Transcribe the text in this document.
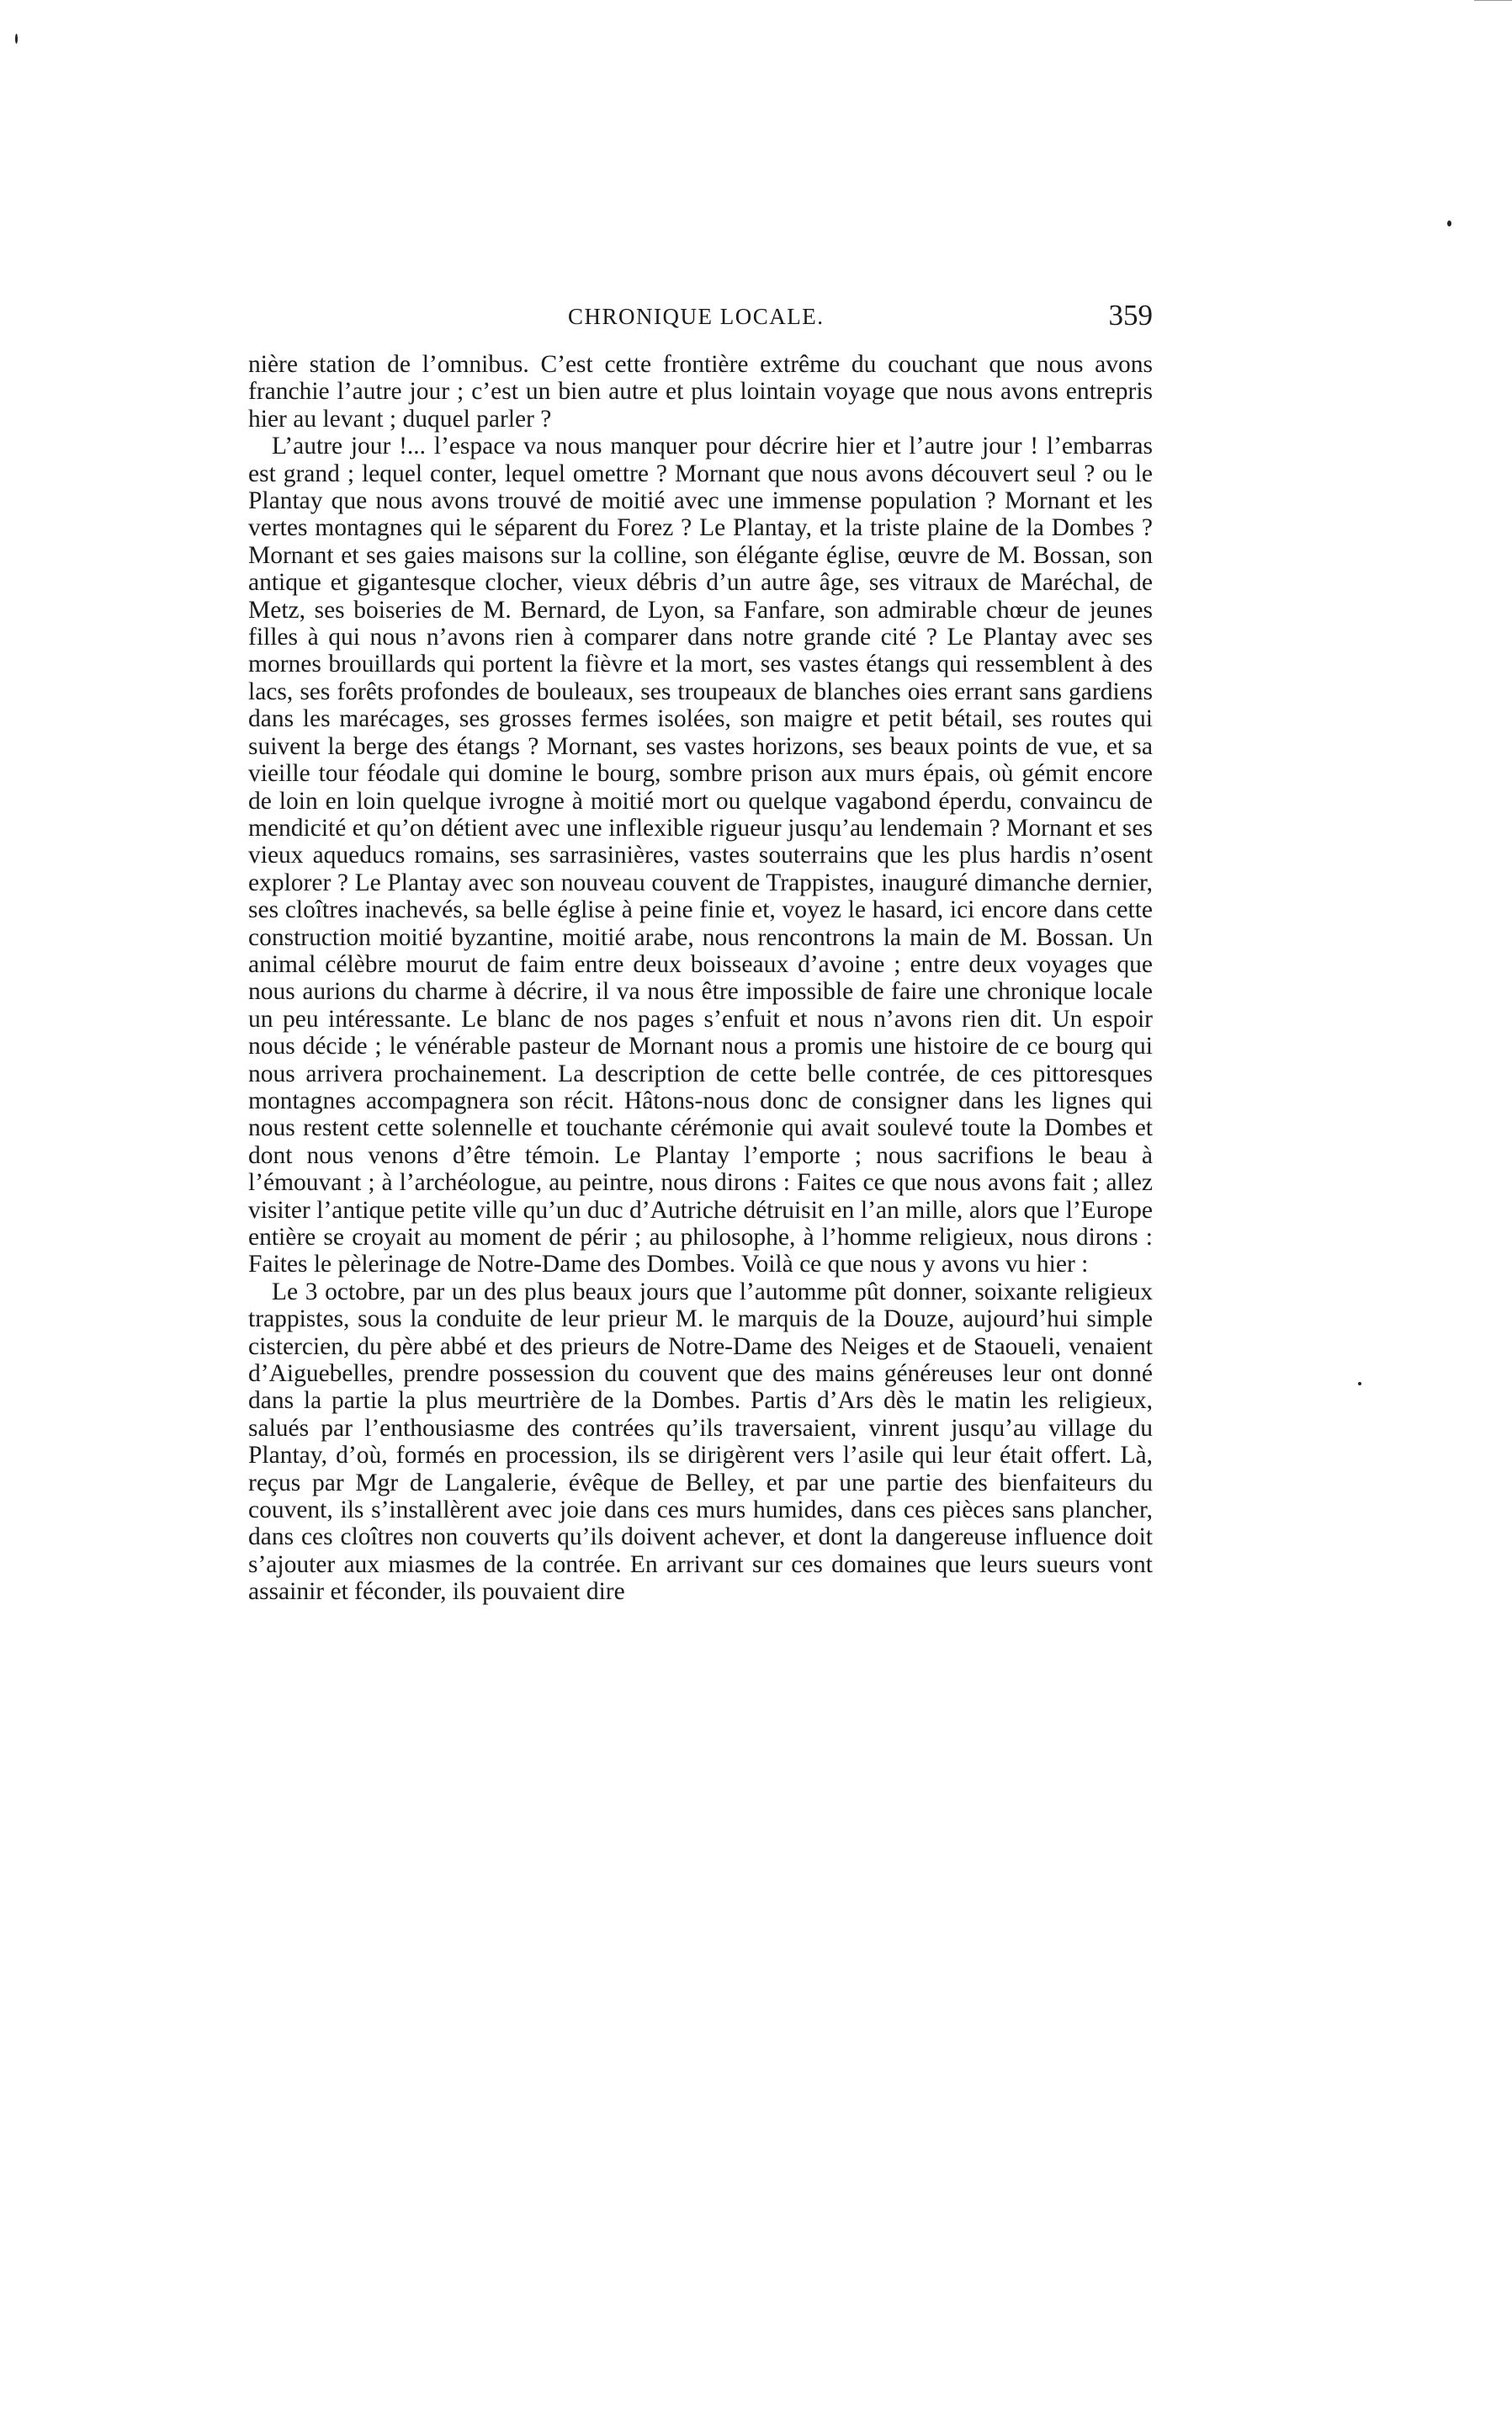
CHRONIQUE LOCALE.	359

nière station de l’omnibus. C’est cette frontière extrême du couchant que nous avons franchie l’autre jour ; c’est un bien autre et plus lointain voyage que nous avons entrepris hier au levant ; duquel parler ?

L’autre jour !... l’espace va nous manquer pour décrire hier et l’autre jour ! l’embarras est grand ; lequel conter, lequel omettre ? Mornant que nous avons découvert seul ? ou le Plantay que nous avons trouvé de moitié avec une immense population ? Mornant et les vertes montagnes qui le séparent du Forez ? Le Plantay, et la triste plaine de la Dombes ? Mornant et ses gaies maisons sur la colline, son élégante église, œuvre de M. Bossan, son antique et gigantesque clocher, vieux débris d’un autre âge, ses vitraux de Maréchal, de Metz, ses boiseries de M. Bernard, de Lyon, sa Fanfare, son admirable chœur de jeunes filles à qui nous n’avons rien à comparer dans notre grande cité ? Le Plantay avec ses mornes brouillards qui portent la fièvre et la mort, ses vastes étangs qui ressemblent à des lacs, ses forêts profondes de bouleaux, ses troupeaux de blanches oies errant sans gardiens dans les marécages, ses grosses fermes isolées, son maigre et petit bétail, ses routes qui suivent la berge des étangs ? Mornant, ses vastes horizons, ses beaux points de vue, et sa vieille tour féodale qui domine le bourg, sombre prison aux murs épais, où gémit encore de loin en loin quelque ivrogne à moitié mort ou quelque vagabond éperdu, convaincu de mendicité et qu’on détient avec une inflexible rigueur jusqu’au lendemain ? Mornant et ses vieux aqueducs romains, ses sarrasinières, vastes souterrains que les plus hardis n’osent explorer ? Le Plantay avec son nouveau couvent de Trappistes, inauguré dimanche dernier, ses cloîtres inachevés, sa belle église à peine finie et, voyez le hasard, ici encore dans cette construction moitié byzantine, moitié arabe, nous rencontrons la main de M. Bossan. Un animal célèbre mourut de faim entre deux boisseaux d’avoine ; entre deux voyages que nous aurions du charme à décrire, il va nous être impossible de faire une chronique locale un peu intéressante. Le blanc de nos pages s’enfuit et nous n’avons rien dit. Un espoir nous décide ; le vénérable pasteur de Mornant nous a promis une histoire de ce bourg qui nous arrivera prochainement. La description de cette belle contrée, de ces pittoresques montagnes accompagnera son récit. Hâtons-nous donc de consigner dans les lignes qui nous restent cette solennelle et touchante cérémonie qui avait soulevé toute la Dombes et dont nous venons d’être témoin. Le Plantay l’emporte ; nous sacrifions le beau à l’émouvant ; à l’archéologue, au peintre, nous dirons : Faites ce que nous avons fait ; allez visiter l’antique petite ville qu’un duc d’Autriche détruisit en l’an mille, alors que l’Europe entière se croyait au moment de périr ; au philosophe, à l’homme religieux, nous dirons : Faites le pèlerinage de Notre-Dame des Dombes. Voilà ce que nous y avons vu hier :

Le 3 octobre, par un des plus beaux jours que l’automme pût donner, soixante religieux trappistes, sous la conduite de leur prieur M. le marquis de la Douze, aujourd’hui simple cistercien, du père abbé et des prieurs de Notre-Dame des Neiges et de Staoueli, venaient d’Aiguebelles, prendre possession du couvent que des mains généreuses leur ont donné dans la partie la plus meurtrière de la Dombes. Partis d’Ars dès le matin les religieux, salués par l’enthousiasme des contrées qu’ils traversaient, vinrent jusqu’au village du Plantay, d’où, formés en procession, ils se dirigèrent vers l’asile qui leur était offert. Là, reçus par Mgr de Langalerie, évêque de Belley, et par une partie des bienfaiteurs du couvent, ils s’installèrent avec joie dans ces murs humides, dans ces pièces sans plancher, dans ces cloîtres non couverts qu’ils doivent achever, et dont la dangereuse influence doit s’ajouter aux miasmes de la contrée. En arrivant sur ces domaines que leurs sueurs vont assainir et féconder, ils pouvaient dire
